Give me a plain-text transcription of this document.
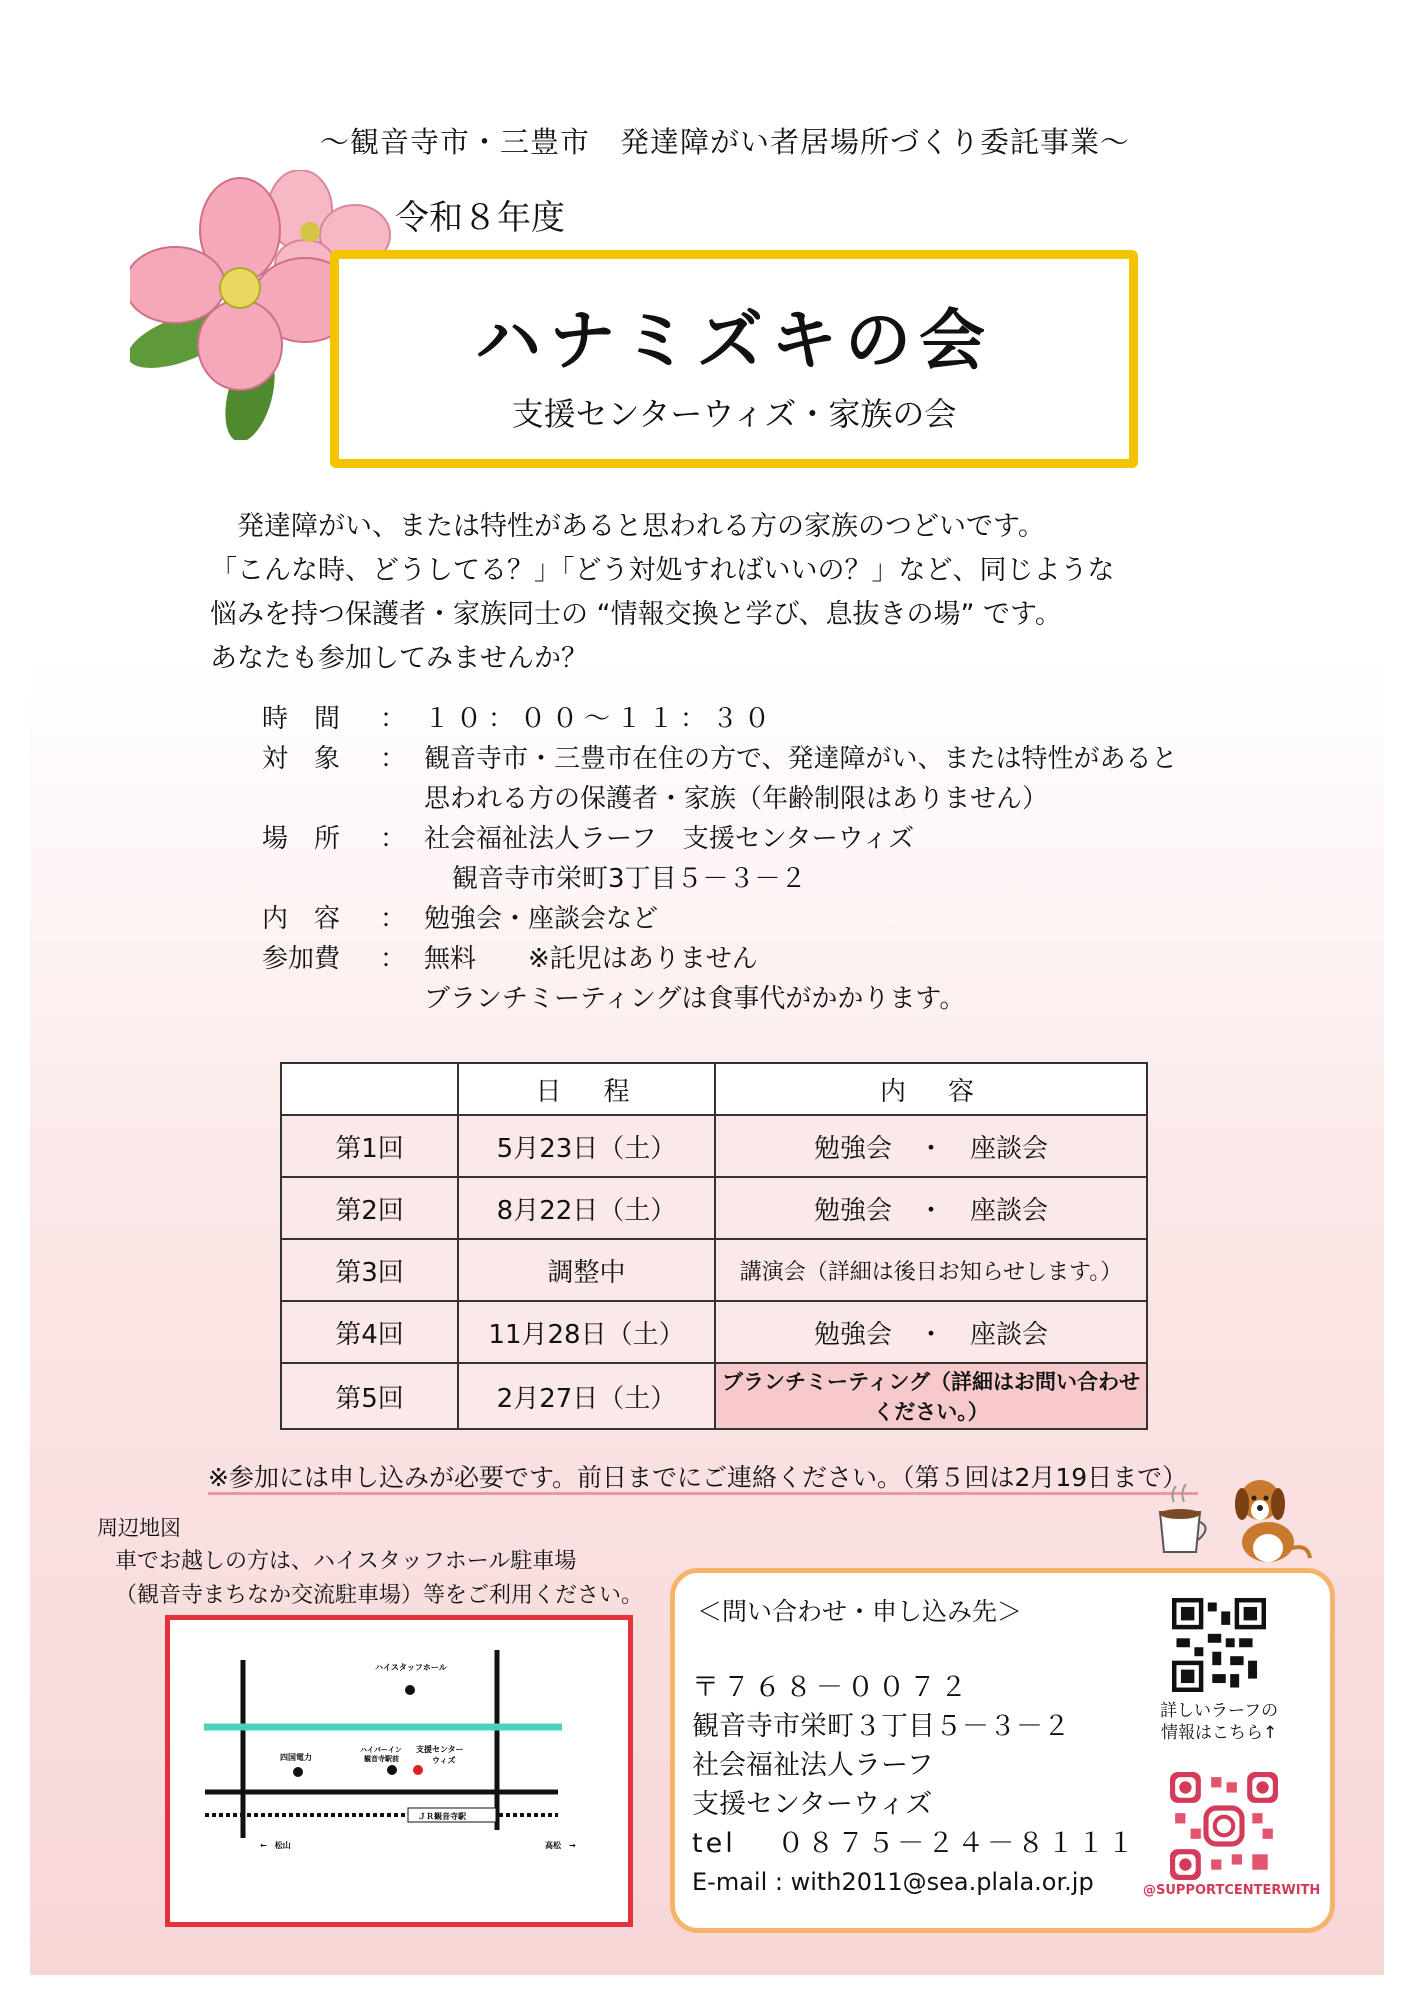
～観音寺市・三豊市　発達障がい者居場所づくり委託事業～
令和８年度
ハナミズキの会
支援センターウィズ・家族の会
　発達障がい、または特性があると思われる方の家族のつどいです。
「こんな時、どうしてる？」「どう対処すればいいの？」など、同じような
悩みを持つ保護者・家族同士の “情報交換と学び、息抜きの場” です。
あなたも参加してみませんか？
時　間 ： １０：００～１１：３０
対　象 ： 観音寺市・三豊市在住の方で、発達障がい、または特性があると
思われる方の保護者・家族（年齢制限はありません）
場　所 ： 社会福祉法人ラーフ　支援センターウィズ
観音寺市栄町3丁目５－３－２
内　容 ： 勉強会・座談会など
参加費 ： 無料　　※託児はありません
ブランチミーティングは食事代がかかります。
	日　程	内　容
第1回	5月23日（土）	勉強会　・　座談会
第2回	8月22日（土）	勉強会　・　座談会
第3回	調整中	講演会（詳細は後日お知らせします。）
第4回	11月28日（土）	勉強会　・　座談会
第5回	2月27日（土）	ブランチミーティング（詳細はお問い合わせください。）
※参加には申し込みが必要です。前日までにご連絡ください。（第５回は2月19日まで）
周辺地図
車でお越しの方は、ハイスタッフホール駐車場
（観音寺まちなか交流駐車場）等をご利用ください。
ハイスタッフホール
四国電力
ハイパーイン
観音寺駅前
支援センター
ウィズ
ＪＲ観音寺駅
←　松山	高松　→
＜問い合わせ・申し込み先＞
〒７６８－００７２
観音寺市栄町３丁目５－３－２
社会福祉法人ラーフ
支援センターウィズ
tel　 ０８７５－２４－８１１１
E-mail : with2011@sea.plala.or.jp
詳しいラーフの
情報はこちら↑
@SUPPORTCENTERWITH
